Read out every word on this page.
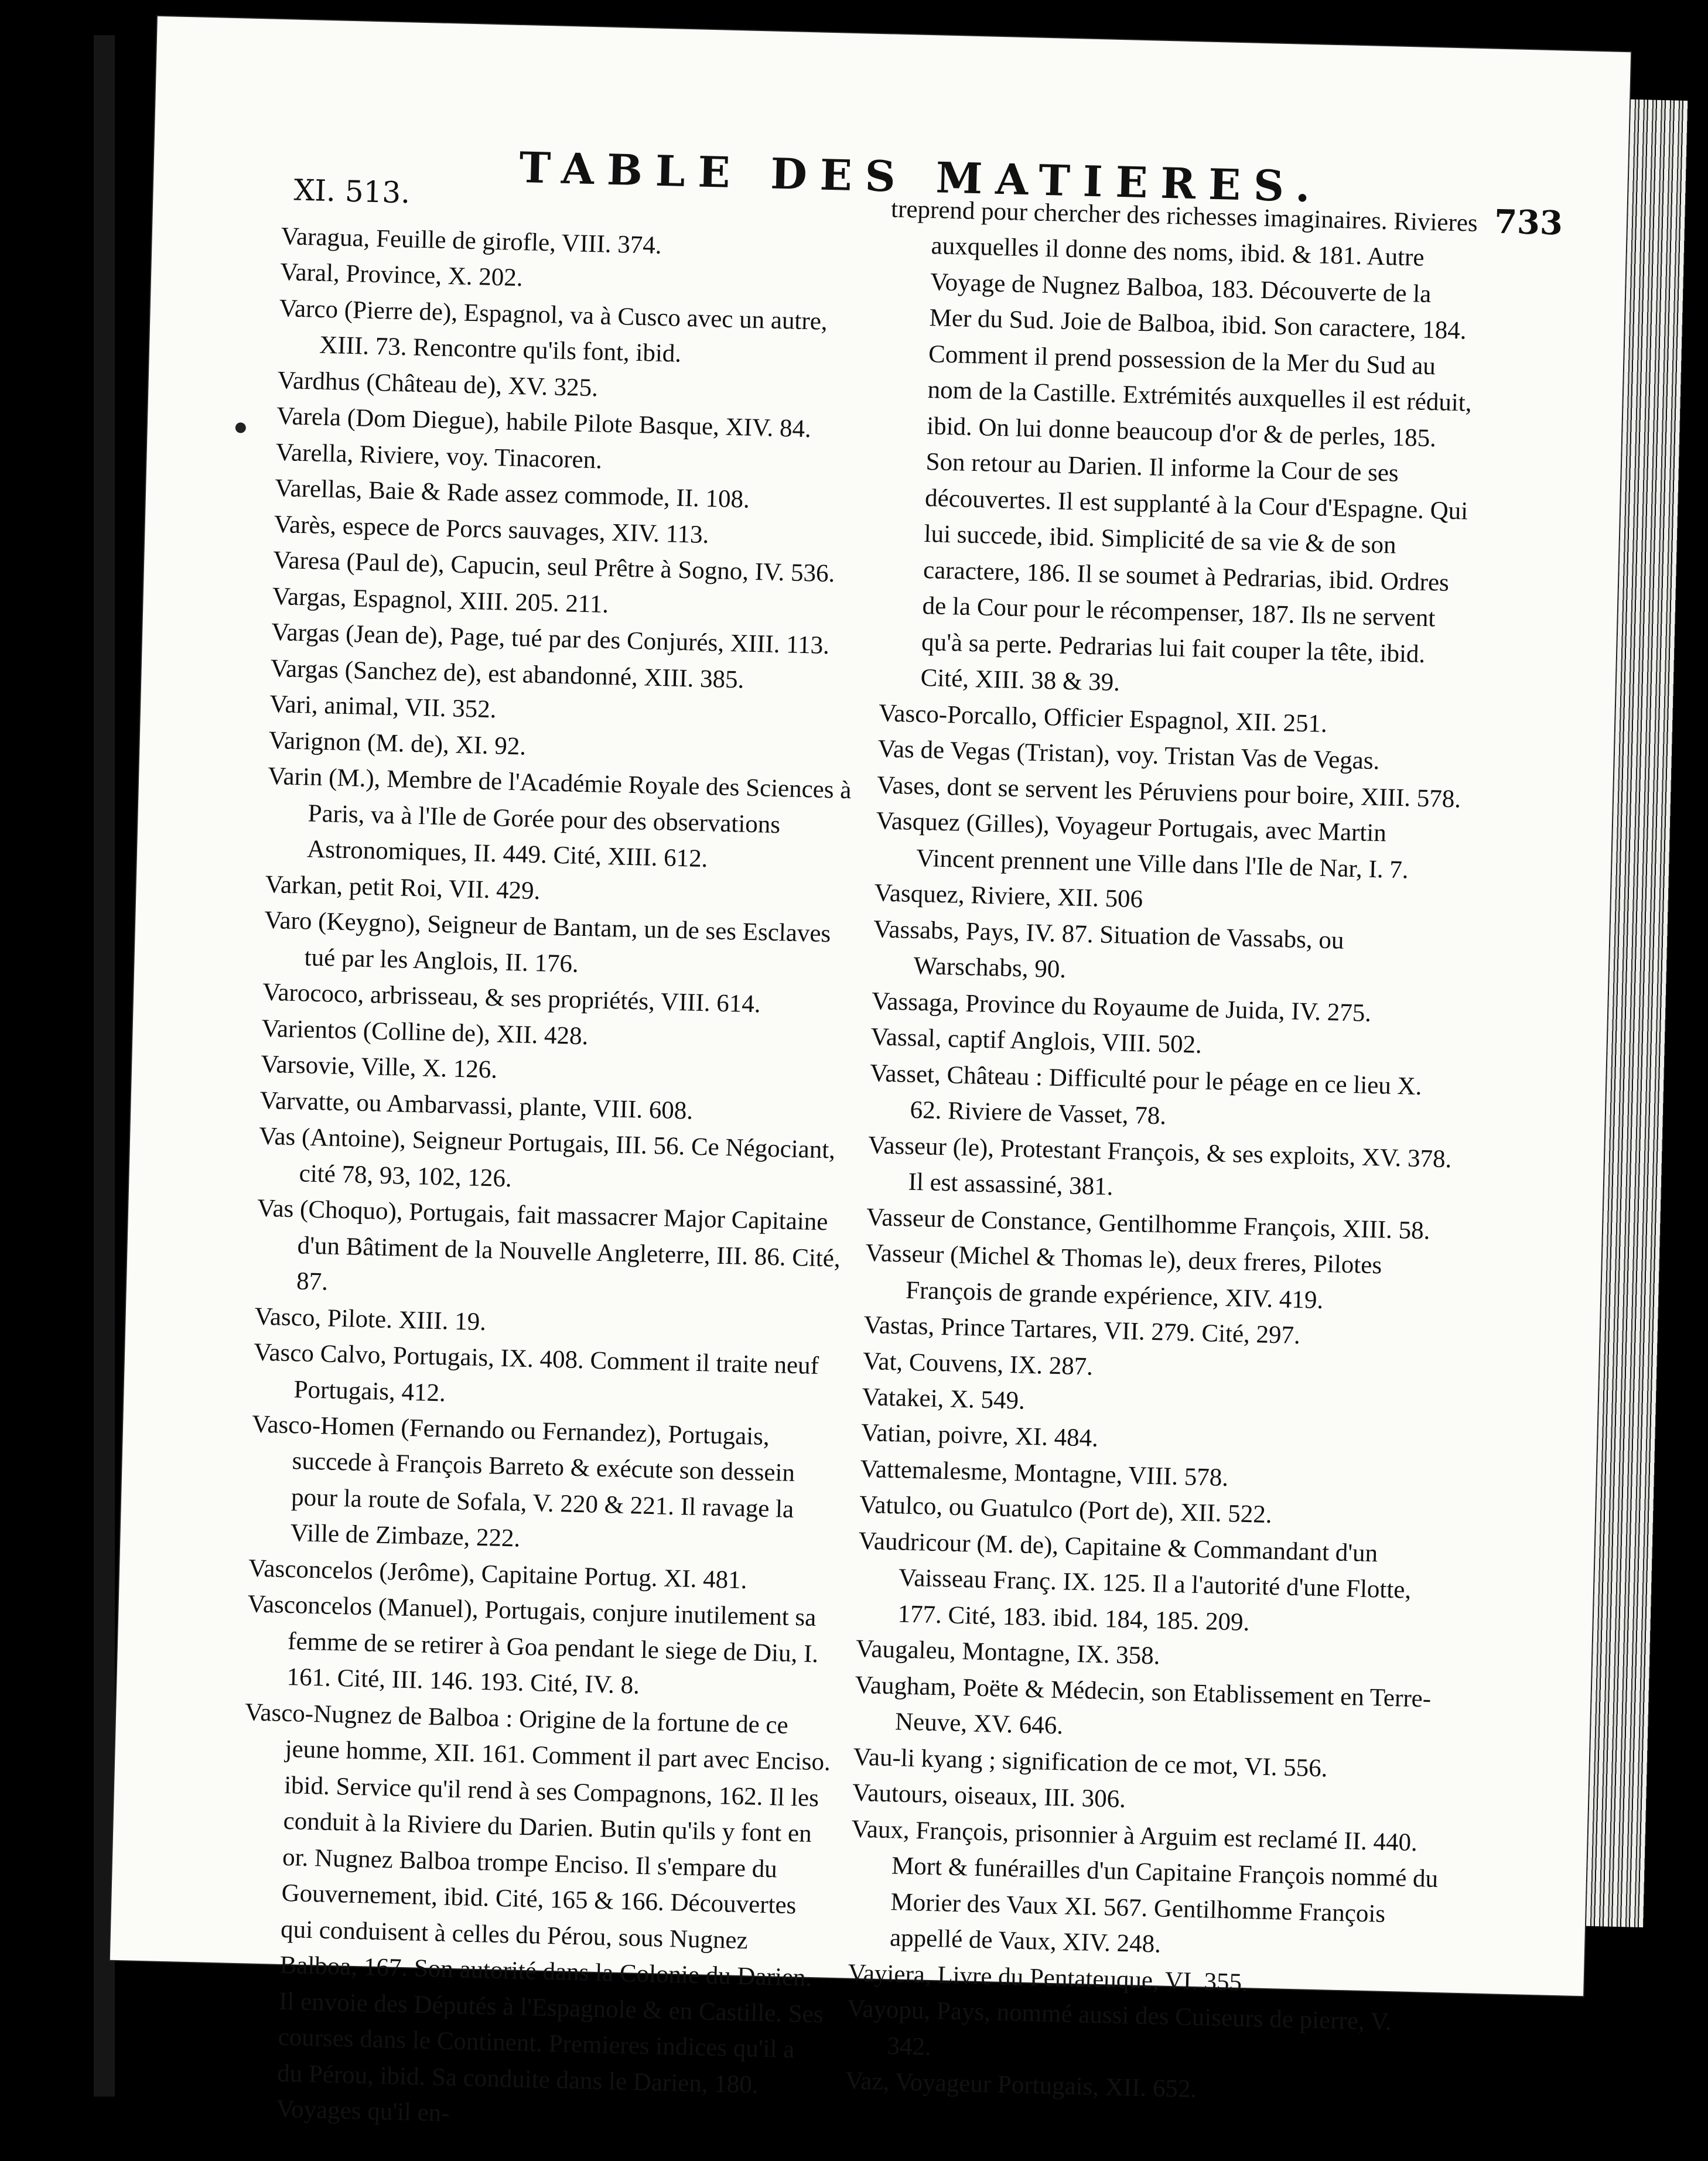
TABLE DES MATIERES.
XI. 513.
733

Varagua, Feuille de girofle, VIII. 374.

Varal, Province, X. 202.

Varco (Pierre de), Espagnol, va à Cusco avec un autre, XIII. 73. Rencontre qu'ils font, ibid.

Vardhus (Château de), XV. 325.

Varela (Dom Diegue), habile Pilote Basque, XIV. 84.

Varella, Riviere, voy. Tinacoren.

Varellas, Baie & Rade assez commode, II. 108.

Varès, espece de Porcs sauvages, XIV. 113.

Varesa (Paul de), Capucin, seul Prêtre à Sogno, IV. 536.

Vargas, Espagnol, XIII. 205. 211.

Vargas (Jean de), Page, tué par des Conjurés, XIII. 113.

Vargas (Sanchez de), est abandonné, XIII. 385.

Vari, animal, VII. 352.

Varignon (M. de), XI. 92.

Varin (M.), Membre de l'Académie Royale des Sciences à Paris, va à l'Ile de Gorée pour des observations Astronomiques, II. 449. Cité, XIII. 612.

Varkan, petit Roi, VII. 429.

Varo (Keygno), Seigneur de Bantam, un de ses Esclaves tué par les Anglois, II. 176.

Varococo, arbrisseau, & ses propriétés, VIII. 614.

Varientos (Colline de), XII. 428.

Varsovie, Ville, X. 126.

Varvatte, ou Ambarvassi, plante, VIII. 608.

Vas (Antoine), Seigneur Portugais, III. 56. Ce Négociant, cité 78, 93, 102, 126.

Vas (Choquo), Portugais, fait massacrer Major Capitaine d'un Bâtiment de la Nouvelle Angleterre, III. 86. Cité, 87.

Vasco, Pilote. XIII. 19.

Vasco Calvo, Portugais, IX. 408. Comment il traite neuf Portugais, 412.

Vasco-Homen (Fernando ou Fernandez), Portugais, succede à François Barreto & exécute son dessein pour la route de Sofala, V. 220 & 221. Il ravage la Ville de Zimbaze, 222.

Vasconcelos (Jerôme), Capitaine Portug. XI. 481.

Vasconcelos (Manuel), Portugais, conjure inutilement sa femme de se retirer à Goa pendant le siege de Diu, I. 161. Cité, III. 146. 193. Cité, IV. 8.

Vasco-Nugnez de Balboa : Origine de la fortune de ce jeune homme, XII. 161. Comment il part avec Enciso. ibid. Service qu'il rend à ses Compagnons, 162. Il les conduit à la Riviere du Darien. Butin qu'ils y font en or. Nugnez Balboa trompe Enciso. Il s'empare du Gouvernement, ibid. Cité, 165 & 166. Découvertes qui conduisent à celles du Pérou, sous Nugnez Balboa, 167. Son autorité dans la Colonie du Darien. Il envoie des Députés à l'Espagnole & en Castille. Ses courses dans le Continent. Premieres indices qu'il a du Pérou, ibid. Sa conduite dans le Darien, 180. Voyages qu'il en-

treprend pour chercher des richesses imaginaires. Rivieres auxquelles il donne des noms, ibid. & 181. Autre Voyage de Nugnez Balboa, 183. Découverte de la Mer du Sud. Joie de Balboa, ibid. Son caractere, 184. Comment il prend possession de la Mer du Sud au nom de la Castille. Extrémités auxquelles il est réduit, ibid. On lui donne beaucoup d'or & de perles, 185. Son retour au Darien. Il informe la Cour de ses découvertes. Il est supplanté à la Cour d'Espagne. Qui lui succede, ibid. Simplicité de sa vie & de son caractere, 186. Il se soumet à Pedrarias, ibid. Ordres de la Cour pour le récompenser, 187. Ils ne servent qu'à sa perte. Pedrarias lui fait couper la tête, ibid. Cité, XIII. 38 & 39.

Vasco-Porcallo, Officier Espagnol, XII. 251.

Vas de Vegas (Tristan), voy. Tristan Vas de Vegas.

Vases, dont se servent les Péruviens pour boire, XIII. 578.

Vasquez (Gilles), Voyageur Portugais, avec Martin Vincent prennent une Ville dans l'Ile de Nar, I. 7.

Vasquez, Riviere, XII. 506

Vassabs, Pays, IV. 87. Situation de Vassabs, ou Warschabs, 90.

Vassaga, Province du Royaume de Juida, IV. 275.

Vassal, captif Anglois, VIII. 502.

Vasset, Château : Difficulté pour le péage en ce lieu X. 62. Riviere de Vasset, 78.

Vasseur (le), Protestant François, & ses exploits, XV. 378. Il est assassiné, 381.

Vasseur de Constance, Gentilhomme François, XIII. 58.

Vasseur (Michel & Thomas le), deux freres, Pilotes François de grande expérience, XIV. 419.

Vastas, Prince Tartares, VII. 279. Cité, 297.

Vat, Couvens, IX. 287.

Vatakei, X. 549.

Vatian, poivre, XI. 484.

Vattemalesme, Montagne, VIII. 578.

Vatulco, ou Guatulco (Port de), XII. 522.

Vaudricour (M. de), Capitaine & Commandant d'un Vaisseau Franç. IX. 125. Il a l'autorité d'une Flotte, 177. Cité, 183. ibid. 184, 185. 209.

Vaugaleu, Montagne, IX. 358.

Vaugham, Poëte & Médecin, son Etablissement en Terre-Neuve, XV. 646.

Vau-li kyang ; signification de ce mot, VI. 556.

Vautours, oiseaux, III. 306.

Vaux, François, prisonnier à Arguim est reclamé II. 440. Mort & funérailles d'un Capitaine François nommé du Morier des Vaux XI. 567. Gentilhomme François appellé de Vaux, XIV. 248.

Vayiera, Livre du Pentateuque, VI. 355.

Vayopu, Pays, nommé aussi des Cuiseurs de pierre, V. 342.

Vaz, Voyageur Portugais, XII. 652.
